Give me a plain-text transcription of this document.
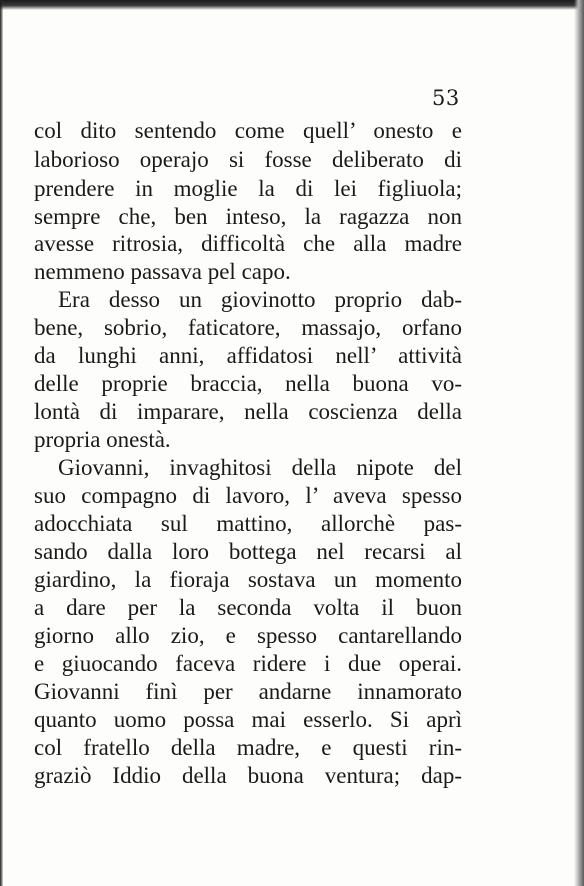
53
col dito sentendo come quell’ onesto e
laborioso operajo si fosse deliberato di
prendere in moglie la di lei figliuola;
sempre che, ben inteso, la ragazza non
avesse ritrosia, difficoltà che alla madre
nemmeno passava pel capo.
Era desso un giovinotto proprio dab-
bene, sobrio, faticatore, massajo, orfano
da lunghi anni, affidatosi nell’ attività
delle proprie braccia, nella buona vo-
lontà di imparare, nella coscienza della
propria onestà.
Giovanni, invaghitosi della nipote del
suo compagno di lavoro, l’ aveva spesso
adocchiata sul mattino, allorchè pas-
sando dalla loro bottega nel recarsi al
giardino, la fioraja sostava un momento
a dare per la seconda volta il buon
giorno allo zio, e spesso cantarellando
e giuocando faceva ridere i due operai.
Giovanni finì per andarne innamorato
quanto uomo possa mai esserlo. Si aprì
col fratello della madre, e questi rin-
graziò Iddio della buona ventura; dap-
